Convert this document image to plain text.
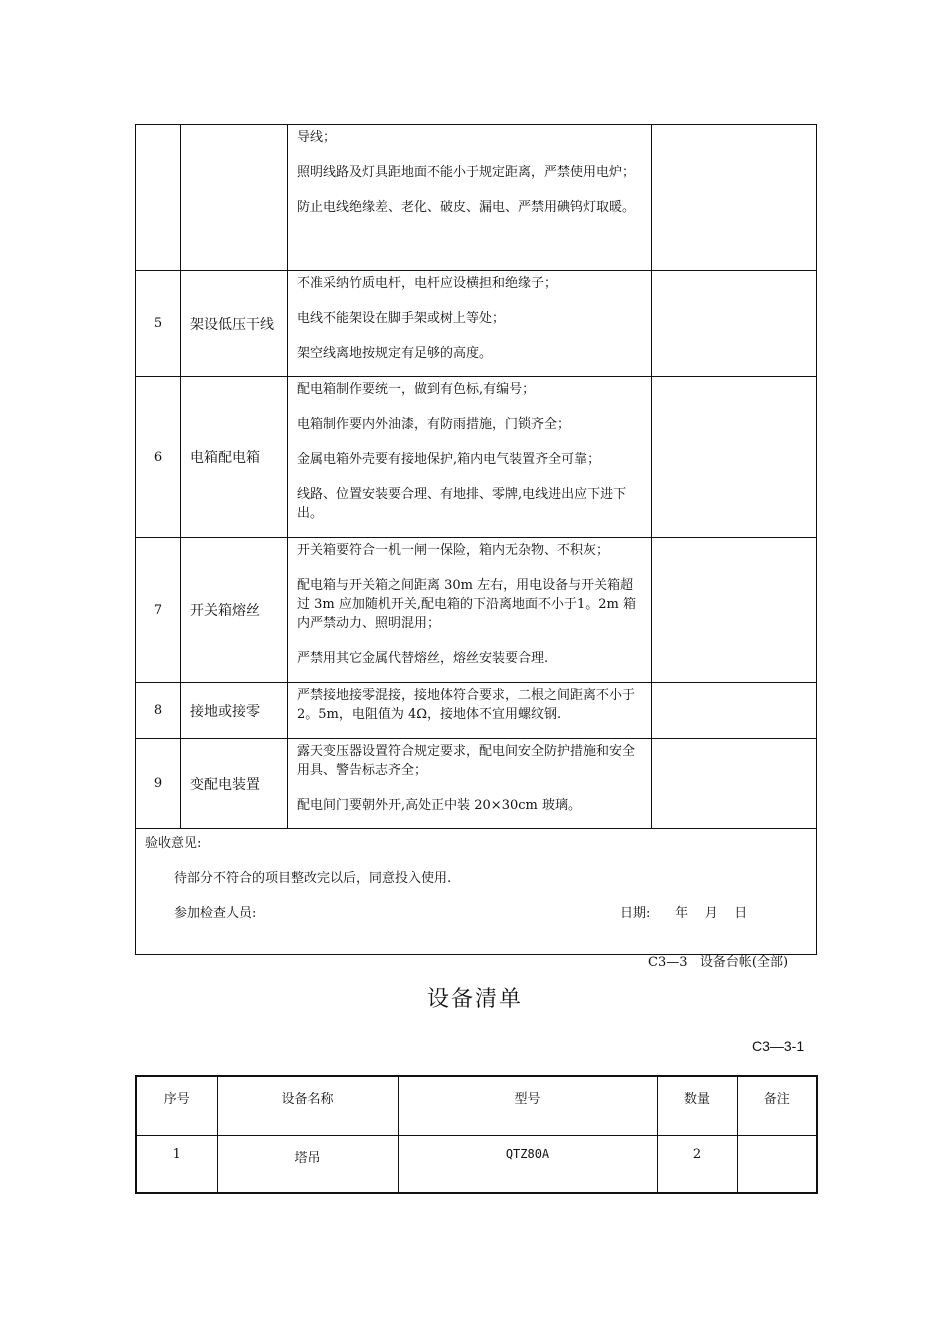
		导线；

照明线路及灯具距地面不能小于规定距离，严禁使用电炉；

防止电线绝缘差、老化、破皮、漏电、严禁用碘钨灯取暖。	

5	架设低压干线	不准采纳竹质电杆，电杆应设横担和绝缘子；

电线不能架设在脚手架或树上等处；

架空线离地按规定有足够的高度。	

6	电箱配电箱	配电箱制作要统一，做到有色标,有编号；

电箱制作要内外油漆，有防雨措施，门锁齐全；

金属电箱外壳要有接地保护,箱内电气装置齐全可靠；

线路、位置安装要合理、有地排、零牌,电线进出应下进下出。	

7	开关箱熔丝	开关箱要符合一机一闸一保险，箱内无杂物、不积灰；

配电箱与开关箱之间距离 30m 左右，用电设备与开关箱超过 3m 应加随机开关,配电箱的下沿离地面不小于1。2m 箱内严禁动力、照明混用；

严禁用其它金属代替熔丝，熔丝安装要合理.	

8	接地或接零	严禁接地接零混接，接地体符合要求，二根之间距离不小于 2。5m，电阻值为 4Ω，接地体不宜用螺纹钢.	

9	变配电装置	露天变压器设置符合规定要求，配电间安全防护措施和安全用具、警告标志齐全；

配电间门要朝外开,高处正中装 20×30cm 玻璃。	

验收意见:
待部分不符合的项目整改完以后，同意投入使用.
参加检查人员: 日期:      年    月    日			
C3—3   设备台帐(全部)
设备清单
C3—3-1
序号	设备名称	型号	数量	备注
1	塔吊	QTZ80A	2	
